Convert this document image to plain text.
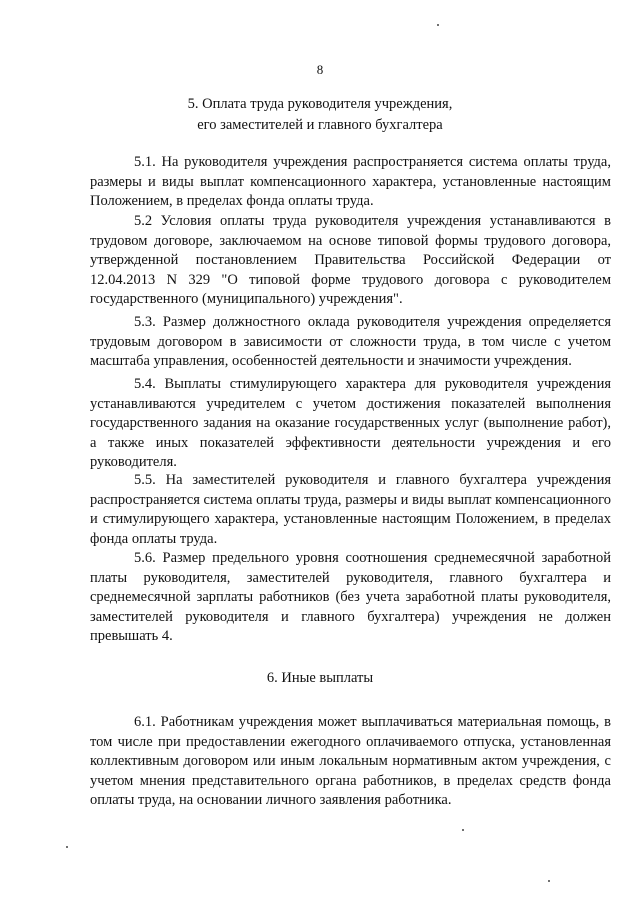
8
5. Оплата труда руководителя учреждения,
его заместителей и главного бухгалтера

5.1. На руководителя учреждения распространяется система оплаты труда, размеры и виды выплат компенсационного характера, установленные настоящим Положением, в пределах фонда оплаты труда.

5.2 Условия оплаты труда руководителя учреждения устанавливаются в трудовом договоре, заключаемом на основе типовой формы трудового договора, утвержденной постановлением Правительства Российской Федерации от 12.04.2013 N 329 "О типовой форме трудового договора с руководителем государственного (муниципального) учреждения".

5.3. Размер должностного оклада руководителя учреждения определяется трудовым договором в зависимости от сложности труда, в том числе с учетом масштаба управления, особенностей деятельности и значимости учреждения.

5.4. Выплаты стимулирующего характера для руководителя учреждения устанавливаются учредителем с учетом достижения показателей выполнения государственного задания на оказание государственных услуг (выполнение работ), а также иных показателей эффективности деятельности учреждения и его руководителя.

5.5. На заместителей руководителя и главного бухгалтера учреждения распространяется система оплаты труда, размеры и виды выплат компенсационного и стимулирующего характера, установленные настоящим Положением, в пределах фонда оплаты труда.

5.6. Размер предельного уровня соотношения среднемесячной заработной платы руководителя, заместителей руководителя, главного бухгалтера и среднемесячной зарплаты работников (без учета заработной платы руководителя, заместителей руководителя и главного бухгалтера) учреждения не должен превышать 4.

6. Иные выплаты

6.1. Работникам учреждения может выплачиваться материальная помощь, в том числе при предоставлении ежегодного оплачиваемого отпуска, установленная коллективным договором или иным локальным нормативным актом учреждения, с учетом мнения представительного органа работников, в пределах средств фонда оплаты труда, на основании личного заявления работника.
